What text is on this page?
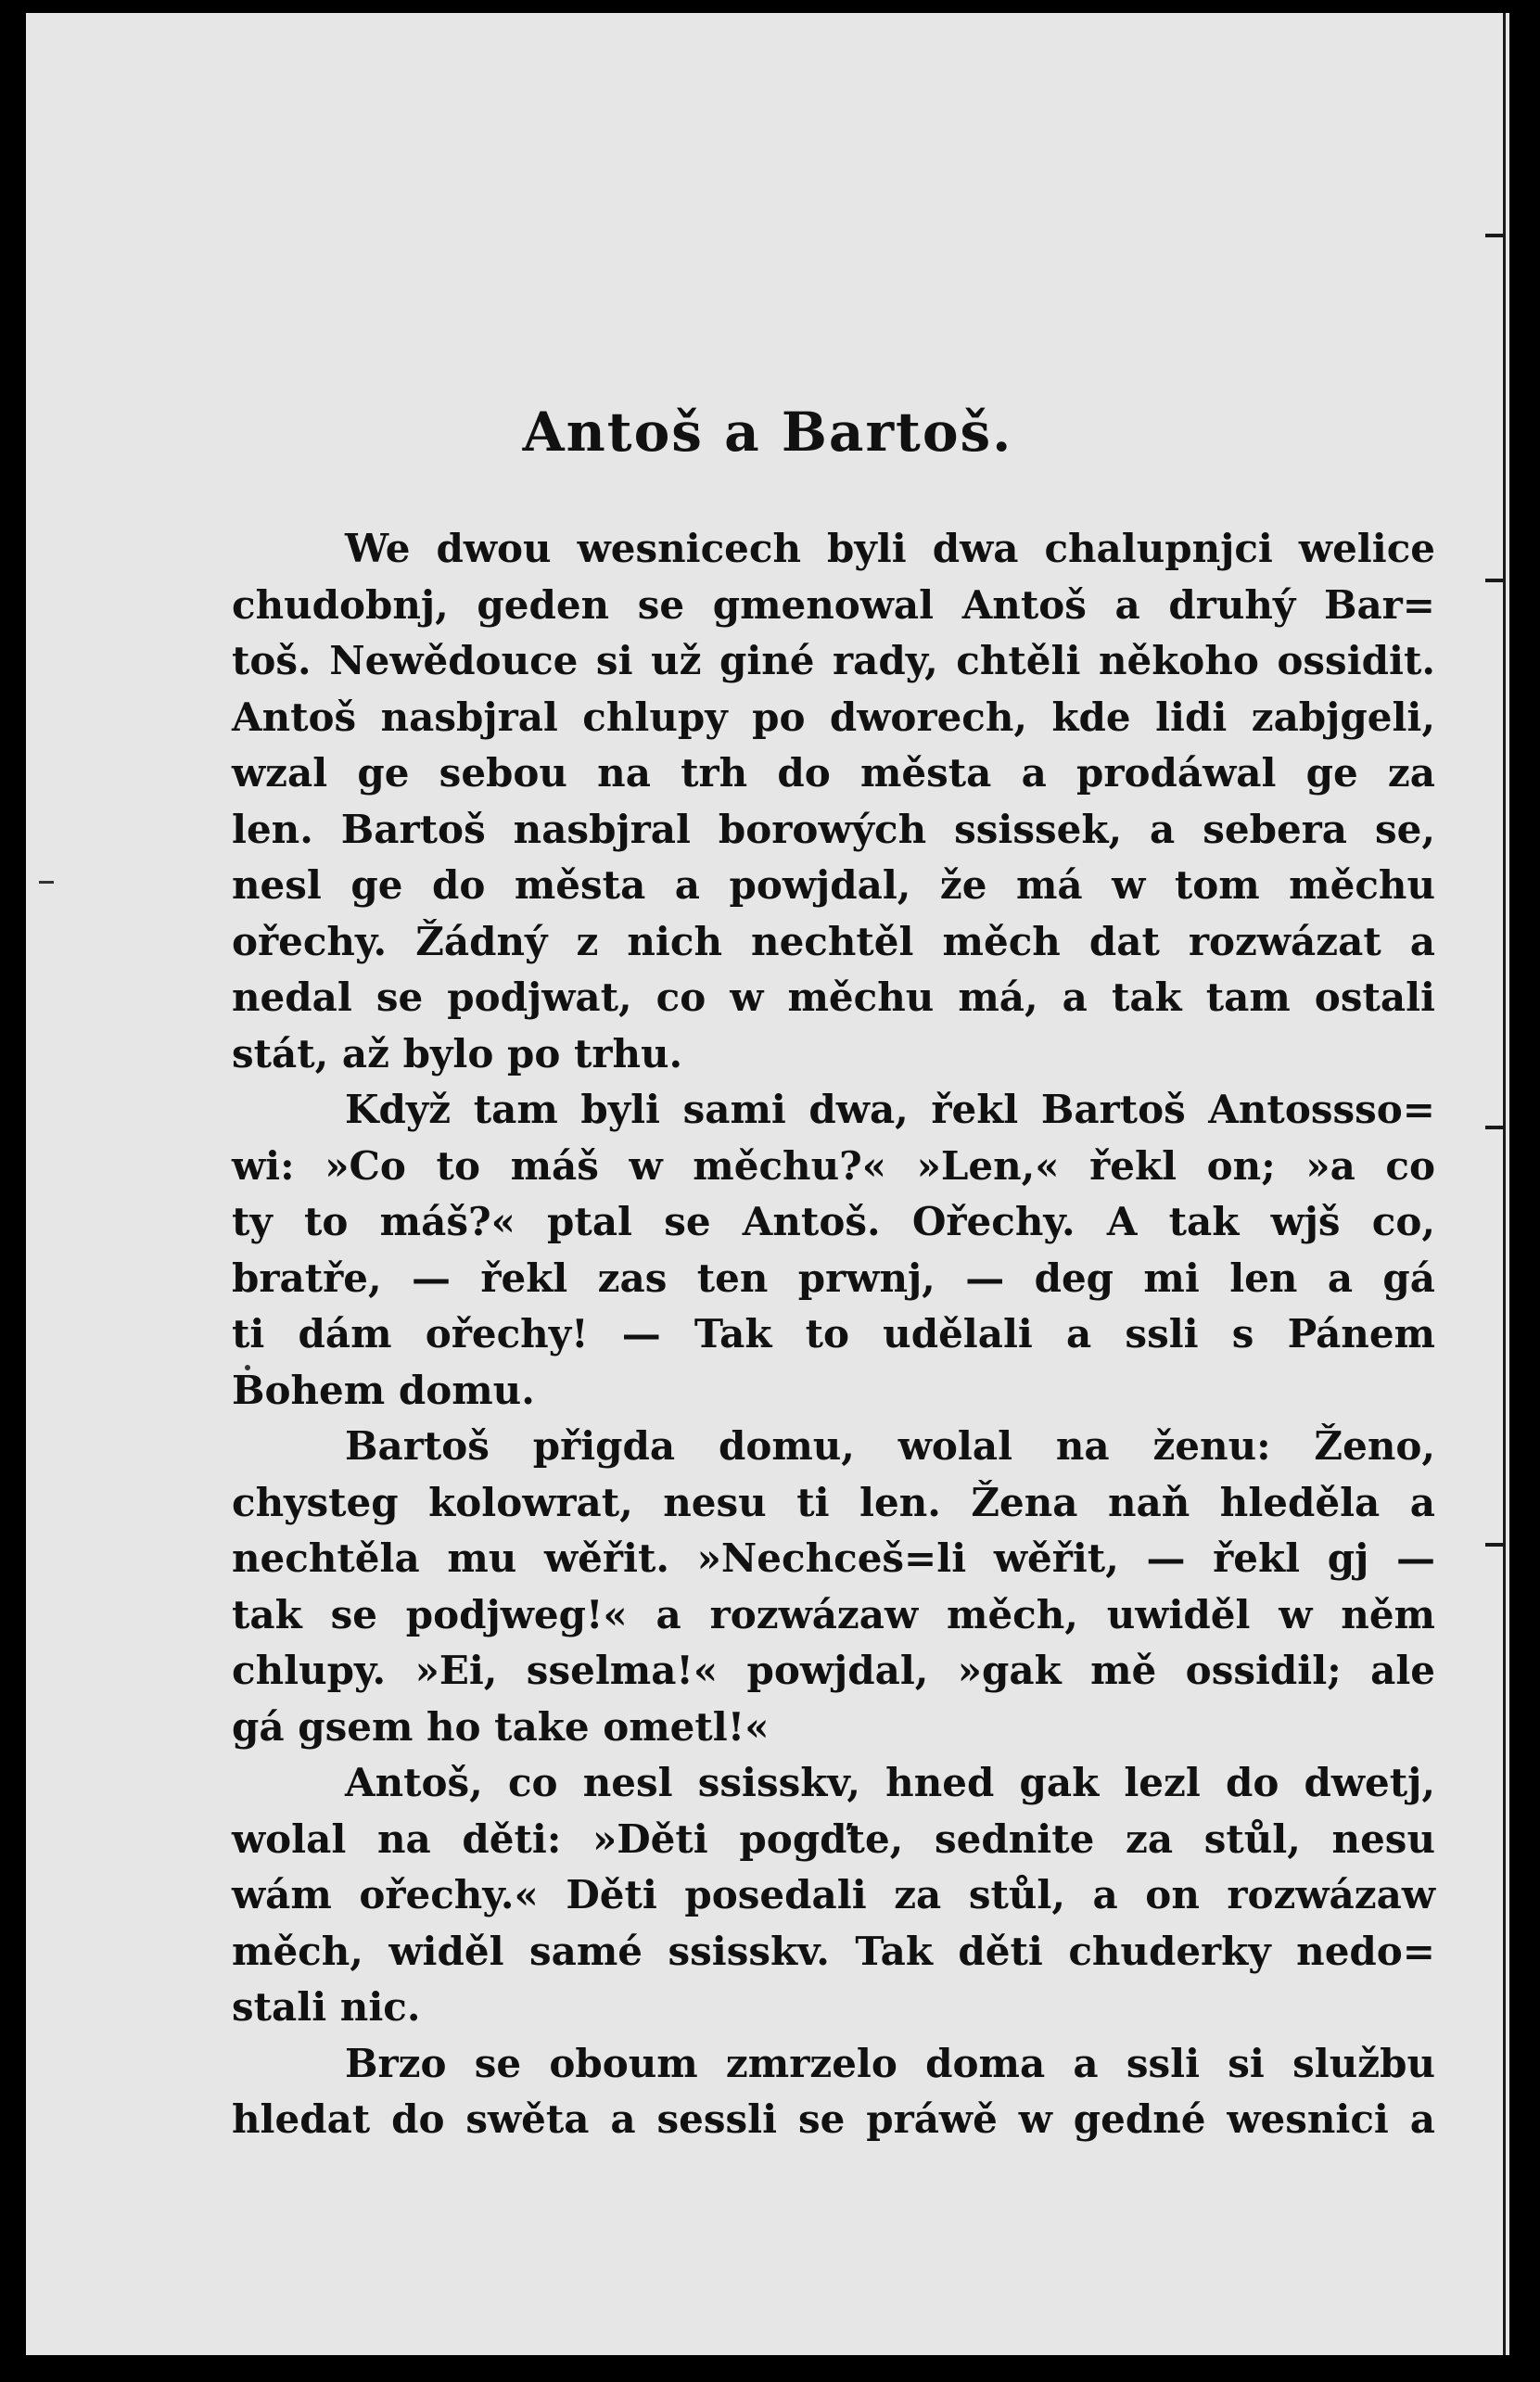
Antoš a Bartoš.

We dwou wesnicech byli dwa chalupnjci welice
chudobnj, geden se gmenowal Antoš a druhý Bar=
toš. Newědouce si už giné rady, chtěli někoho ossidit.
Antoš nasbjral chlupy po dworech, kde lidi zabjgeli,
wzal ge sebou na trh do města a prodáwal ge za
len. Bartoš nasbjral borowých ssissek, a sebera se,
nesl ge do města a powjdal, že má w tom měchu
ořechy. Žádný z nich nechtěl měch dat rozwázat a
nedal se podjwat, co w měchu má, a tak tam ostali
stát, až bylo po trhu.

Když tam byli sami dwa, řekl Bartoš Antossso=
wi: »Co to máš w měchu?« »Len,« řekl on; »a co
ty to máš?« ptal se Antoš. Ořechy. A tak wjš co,
bratře, — řekl zas ten prwnj, — deg mi len a gá
ti dám ořechy! — Tak to udělali a ssli s Pánem
Bohem domu.

Bartoš přigda domu, wolal na ženu: Ženo,
chysteg kolowrat, nesu ti len. Žena naň hleděla a
nechtěla mu wěřit. »Nechceš=li wěřit, — řekl gj —
tak se podjweg!« a rozwázaw měch, uwiděl w něm
chlupy. »Ei, sselma!« powjdal, »gak mě ossidil; ale
gá gsem ho take ometl!«

Antoš, co nesl ssisskv, hned gak lezl do dwetj,
wolal na děti: »Děti pogďte, sednite za stůl, nesu
wám ořechy.« Děti posedali za stůl, a on rozwázaw
měch, widěl samé ssisskv. Tak děti chuderky nedo=
stali nic.

Brzo se oboum zmrzelo doma a ssli si službu
hledat do swěta a sessli se práwě w gedné wesnici a
